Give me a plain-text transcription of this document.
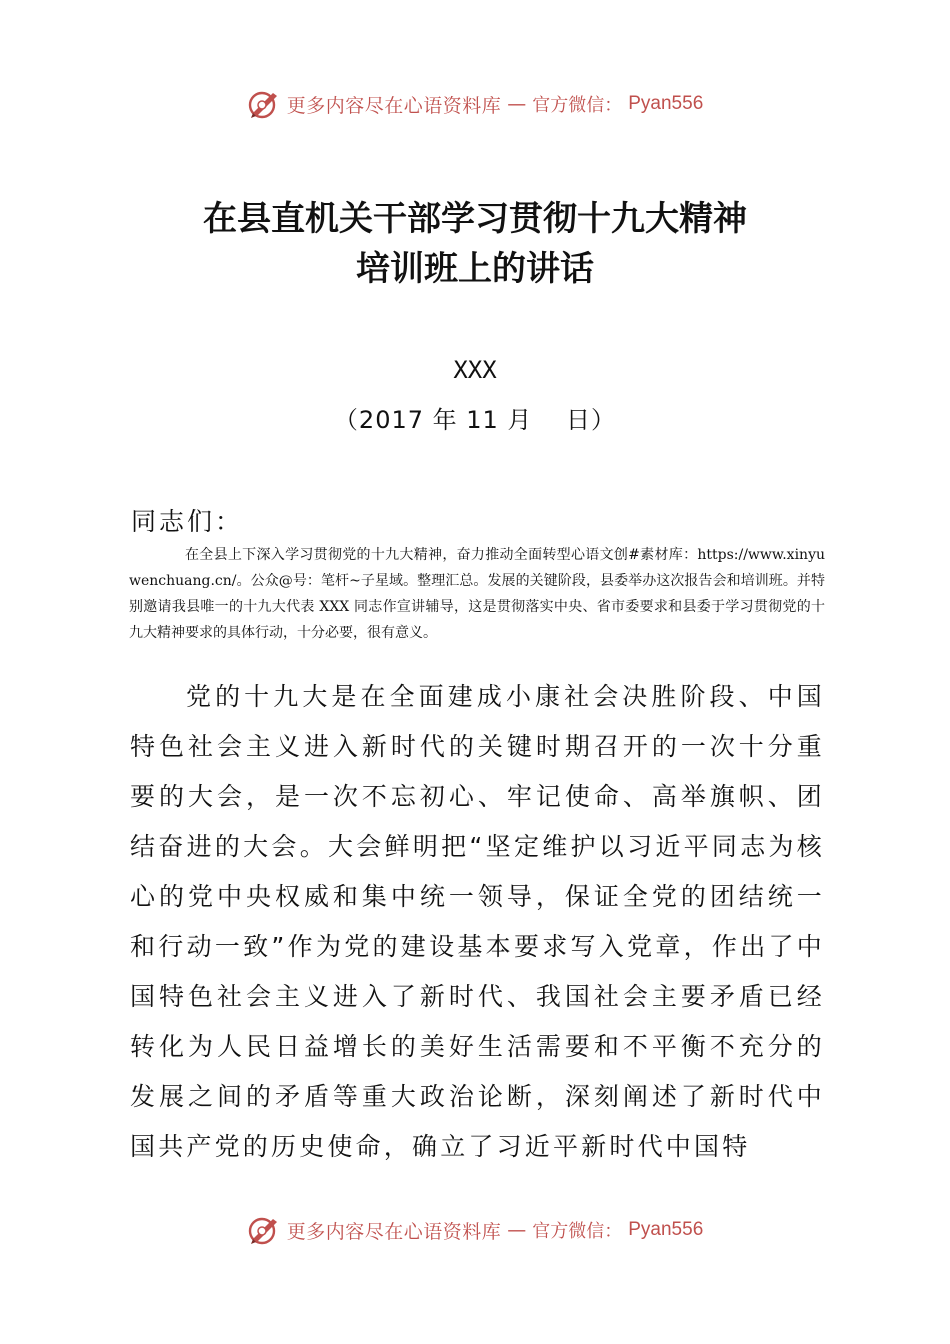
更多内容尽在心语资料库 — 官方微信： Pyan556
在县直机关干部学习贯彻十九大精神
培训班上的讲话
XXX
（2017 年 11 月　 日）
同志们：
在全县上下深入学习贯彻党的十九大精神，奋力推动全面转型心语文创#素材库：https://www.xinyuwenchuang.cn/。公众@号：笔杆~子星域。整理汇总。发展的关键阶段，县委举办这次报告会和培训班。并特别邀请我县唯一的十九大代表 XXX 同志作宣讲辅导，这是贯彻落实中央、省市委要求和县委于学习贯彻党的十九大精神要求的具体行动，十分必要，很有意义。
党的十九大是在全面建成小康社会决胜阶段、中国特色社会主义进入新时代的关键时期召开的一次十分重要的大会，是一次不忘初心、牢记使命、高举旗帜、团结奋进的大会。大会鲜明把“坚定维护以习近平同志为核心的党中央权威和集中统一领导，保证全党的团结统一和行动一致”作为党的建设基本要求写入党章，作出了中国特色社会主义进入了新时代、我国社会主要矛盾已经转化为人民日益增长的美好生活需要和不平衡不充分的发展之间的矛盾等重大政治论断，深刻阐述了新时代中国共产党的历史使命，确立了习近平新时代中国特
更多内容尽在心语资料库 — 官方微信： Pyan556
